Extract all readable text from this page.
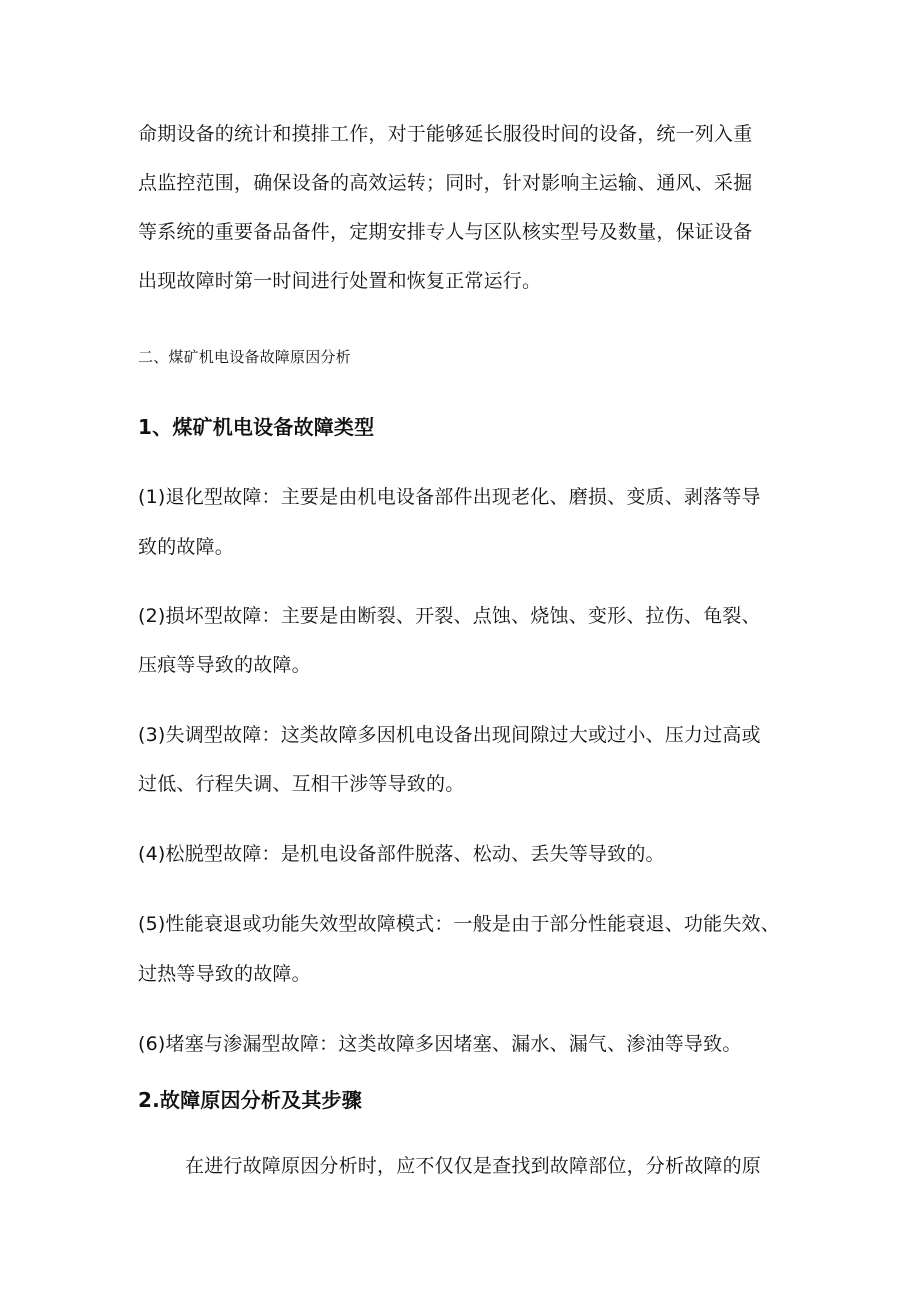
命期设备的统计和摸排工作，对于能够延长服役时间的设备，统一列入重
点监控范围，确保设备的高效运转；同时，针对影响主运输、通风、采掘
等系统的重要备品备件，定期安排专人与区队核实型号及数量，保证设备
出现故障时第一时间进行处置和恢复正常运行。
二、煤矿机电设备故障原因分析
1、煤矿机电设备故障类型
(1)退化型故障：主要是由机电设备部件出现老化、磨损、变质、剥落等导
致的故障。
(2)损坏型故障：主要是由断裂、开裂、点蚀、烧蚀、变形、拉伤、龟裂、
压痕等导致的故障。
(3)失调型故障：这类故障多因机电设备出现间隙过大或过小、压力过高或
过低、行程失调、互相干涉等导致的。
(4)松脱型故障：是机电设备部件脱落、松动、丢失等导致的。
(5)性能衰退或功能失效型故障模式：一般是由于部分性能衰退、功能失效、
过热等导致的故障。
(6)堵塞与渗漏型故障：这类故障多因堵塞、漏水、漏气、渗油等导致。
2.故障原因分析及其步骤
在进行故障原因分析时，应不仅仅是查找到故障部位，分析故障的原
